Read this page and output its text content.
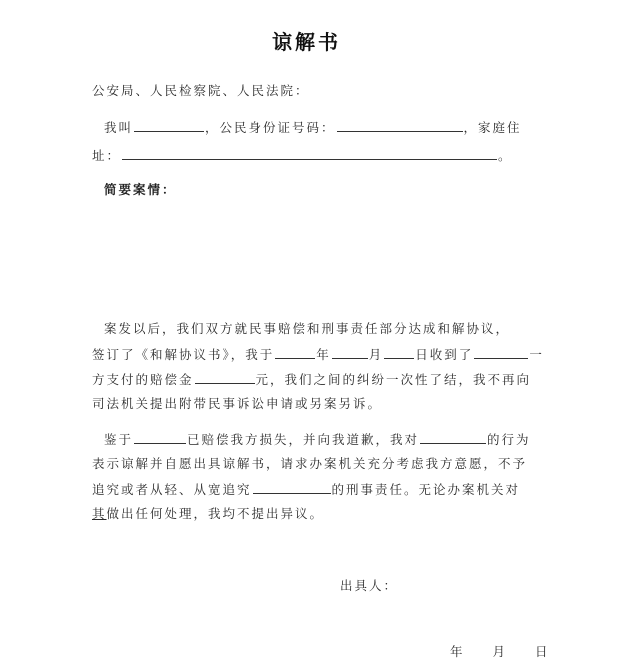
谅解书
公安局、人民检察院、人民法院：
我叫	，公民身份证号码：	，家庭住
址：	。
简要案情：
案发以后，我们双方就民事赔偿和刑事责任部分达成和解协议，
签订了《和解协议书》，我于	年	月	日收到了	一
方支付的赔偿金	元，我们之间的纠纷一次性了结，我不再向
司法机关提出附带民事诉讼申请或另案另诉。
鉴于	已赔偿我方损失，并向我道歉，我对	的行为
表示谅解并自愿出具谅解书，请求办案机关充分考虑我方意愿，不予
追究或者从轻、从宽追究	的刑事责任。无论办案机关对
其做出任何处理，我均不提出异议。
出具人：
年 月 日
